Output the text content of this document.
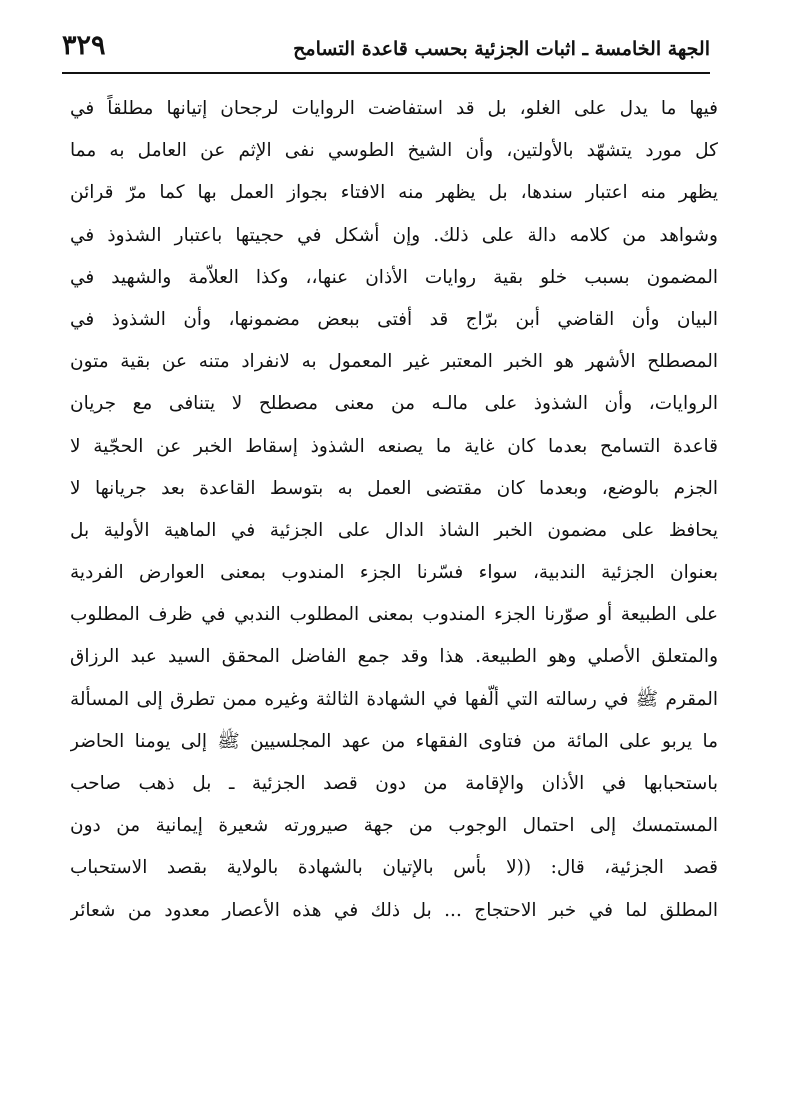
الجهة الخامسة ـ اثبات الجزئية بحسب قاعدة التسامح
٣٢٩
فيها ما يدل على الغلو، بل قد استفاضت الروايات لرجحان إتيانها مطلقاً في
كل مورد يتشهّد بالأولتين، وأن الشيخ الطوسي نفى الإثم عن العامل به مما
يظهر منه اعتبار سندها، بل يظهر منه الافتاء بجواز العمل بها كما مرّ قرائن
وشواهد من كلامه دالة على ذلك. وإن أشكل في حجيتها باعتبار الشذوذ في
المضمون بسبب خلو بقية روايات الأذان عنها،، وكذا العلاّمة والشهيد في
البيان وأن القاضي أبن برّاج قد أفتى ببعض مضمونها، وأن الشذوذ في
المصطلح الأشهر هو الخبر المعتبر غير المعمول به لانفراد متنه عن بقية متون
الروايات، وأن الشذوذ على مالـه من معنى مصطلح لا يتنافى مع جريان
قاعدة التسامح بعدما كان غاية ما يصنعه الشذوذ إسقاط الخبر عن الحجّية لا
الجزم بالوضع، وبعدما كان مقتضى العمل به بتوسط القاعدة بعد جريانها لا
يحافظ على مضمون الخبر الشاذ الدال على الجزئية في الماهية الأولية بل
بعنوان الجزئية الندبية، سواء فسّرنا الجزء المندوب بمعنى العوارض الفردية
على الطبيعة أو صوّرنا الجزء المندوب بمعنى المطلوب الندبي في ظرف المطلوب
والمتعلق الأصلي وهو الطبيعة. هذا وقد جمع الفاضل المحقق السيد عبد الرزاق
المقرم ﷺ في رسالته التي ألّفها في الشهادة الثالثة وغيره ممن تطرق إلى المسألة
ما يربو على المائة من فتاوى الفقهاء من عهد المجلسيين ﷺ إلى يومنا الحاضر
باستحبابها في الأذان والإقامة من دون قصد الجزئية ـ بل ذهب صاحب
المستمسك إلى احتمال الوجوب من جهة صيرورته شعيرة إيمانية من دون
قصد الجزئية، قال: ((لا بأس بالإتيان بالشهادة بالولاية بقصد الاستحباب
المطلق لما في خبر الاحتجاج ... بل ذلك في هذه الأعصار معدود من شعائر
